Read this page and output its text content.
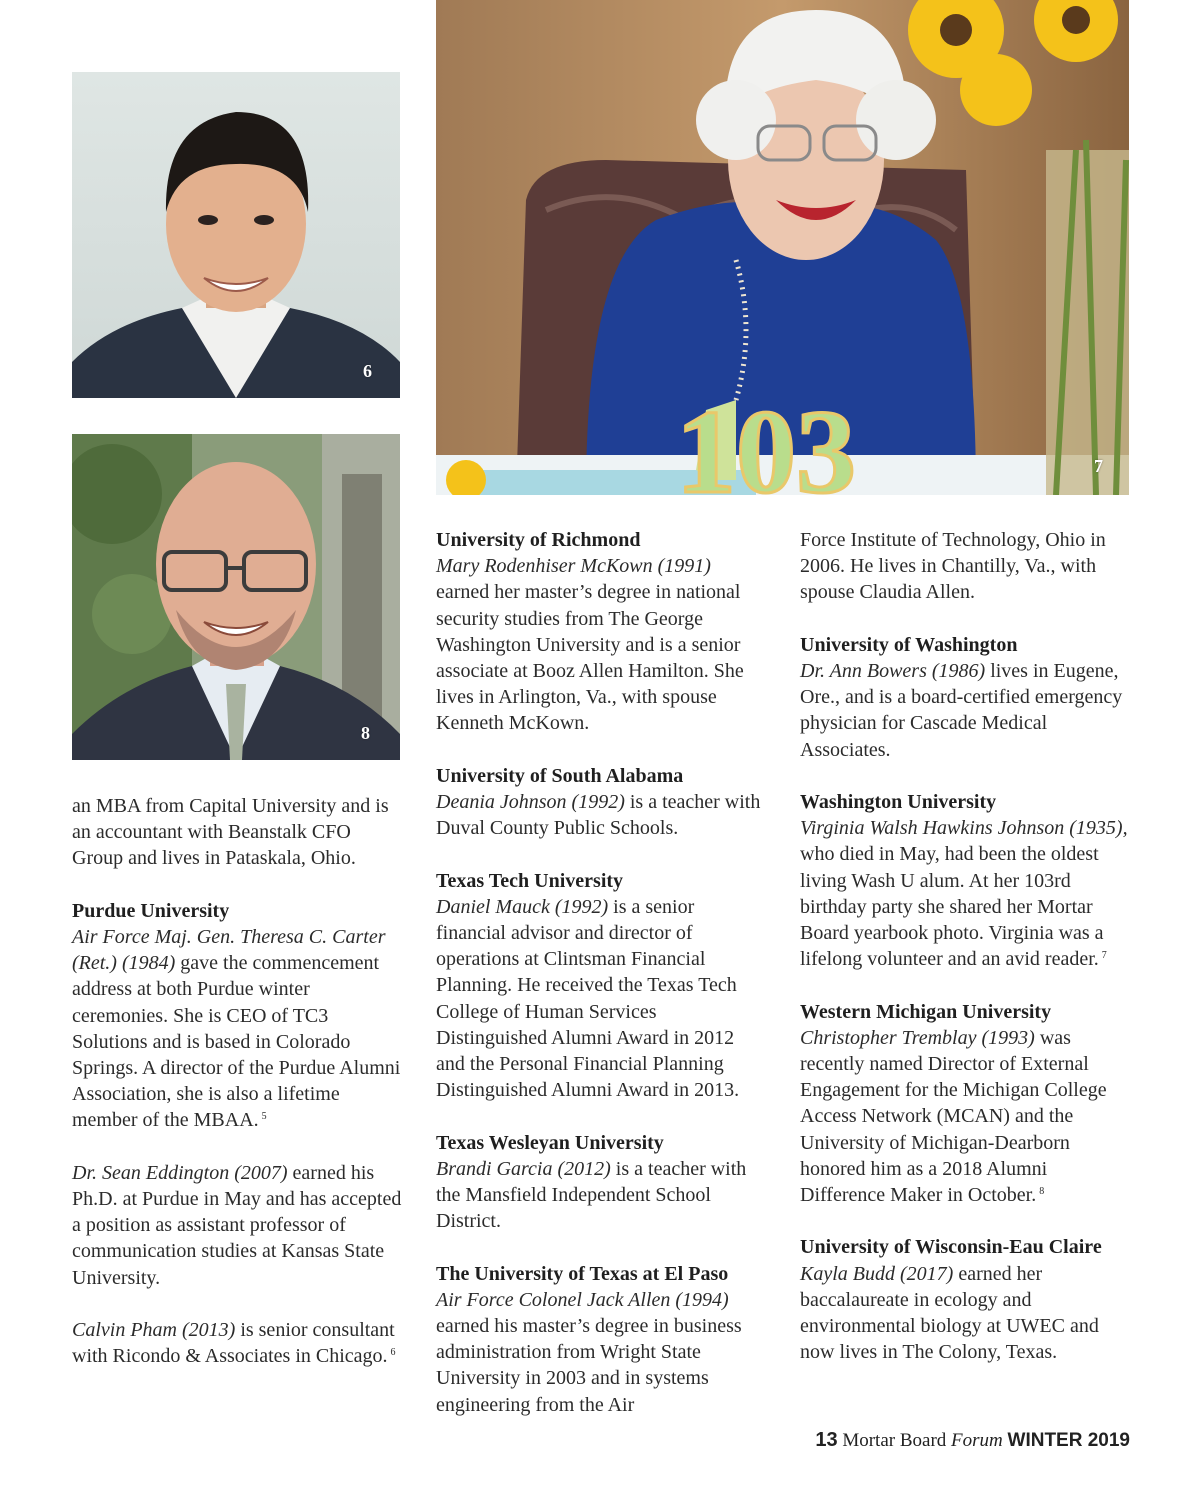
6
8
103	7

an MBA from Capital University and is an accountant with Beanstalk CFO Group and lives in Pataskala, Ohio.

Purdue University
Air Force Maj. Gen. Theresa C. Carter (Ret.) (1984) gave the commencement address at both Purdue winter ceremonies. She is CEO of TC3 Solutions and is based in Colorado Springs. A director of the Purdue Alumni Association, she is also a lifetime member of the MBAA. $^5$

Dr. Sean Eddington (2007) earned his Ph.D. at Purdue in May and has accepted a position as assistant professor of communication studies at Kansas State University.

Calvin Pham (2013) is senior consultant with Ricondo & Associates in Chicago. $^6$

University of Richmond
Mary Rodenhiser McKown (1991)
earned her master’s degree in national security studies from The George Washington University and is a senior associate at Booz Allen Hamilton. She lives in Arlington, Va., with spouse Kenneth McKown.

University of South Alabama
Deania Johnson (1992) is a teacher with Duval County Public Schools.

Texas Tech University
Daniel Mauck (1992) is a senior financial advisor and director of operations at Clintsman Financial Planning. He received the Texas Tech College of Human Services Distinguished Alumni Award in 2012 and the Personal Financial Planning Distinguished Alumni Award in 2013.

Texas Wesleyan University
Brandi Garcia (2012) is a teacher with the Mansfield Independent School District.

The University of Texas at El Paso
Air Force Colonel Jack Allen (1994)
earned his master’s degree in business administration from Wright State University in 2003 and in systems engineering from the Air

Force Institute of Technology, Ohio in 2006. He lives in Chantilly, Va., with spouse Claudia Allen.

University of Washington
Dr. Ann Bowers (1986) lives in Eugene, Ore., and is a board-certified emergency physician for Cascade Medical Associates.

Washington University
Virginia Walsh Hawkins Johnson (1935), who died in May, had been the oldest living Wash U alum. At her 103rd birthday party she shared her Mortar Board yearbook photo. Virginia was a lifelong volunteer and an avid reader. $^7$

Western Michigan University
Christopher Tremblay (1993) was recently named Director of External Engagement for the Michigan College Access Network (MCAN) and the University of Michigan-Dearborn honored him as a 2018 Alumni Difference Maker in October. $^8$

University of Wisconsin-Eau Claire
Kayla Budd (2017) earned her baccalaureate in ecology and environmental biology at UWEC and now lives in The Colony, Texas.

13 Mortar Board Forum WINTER 2019
